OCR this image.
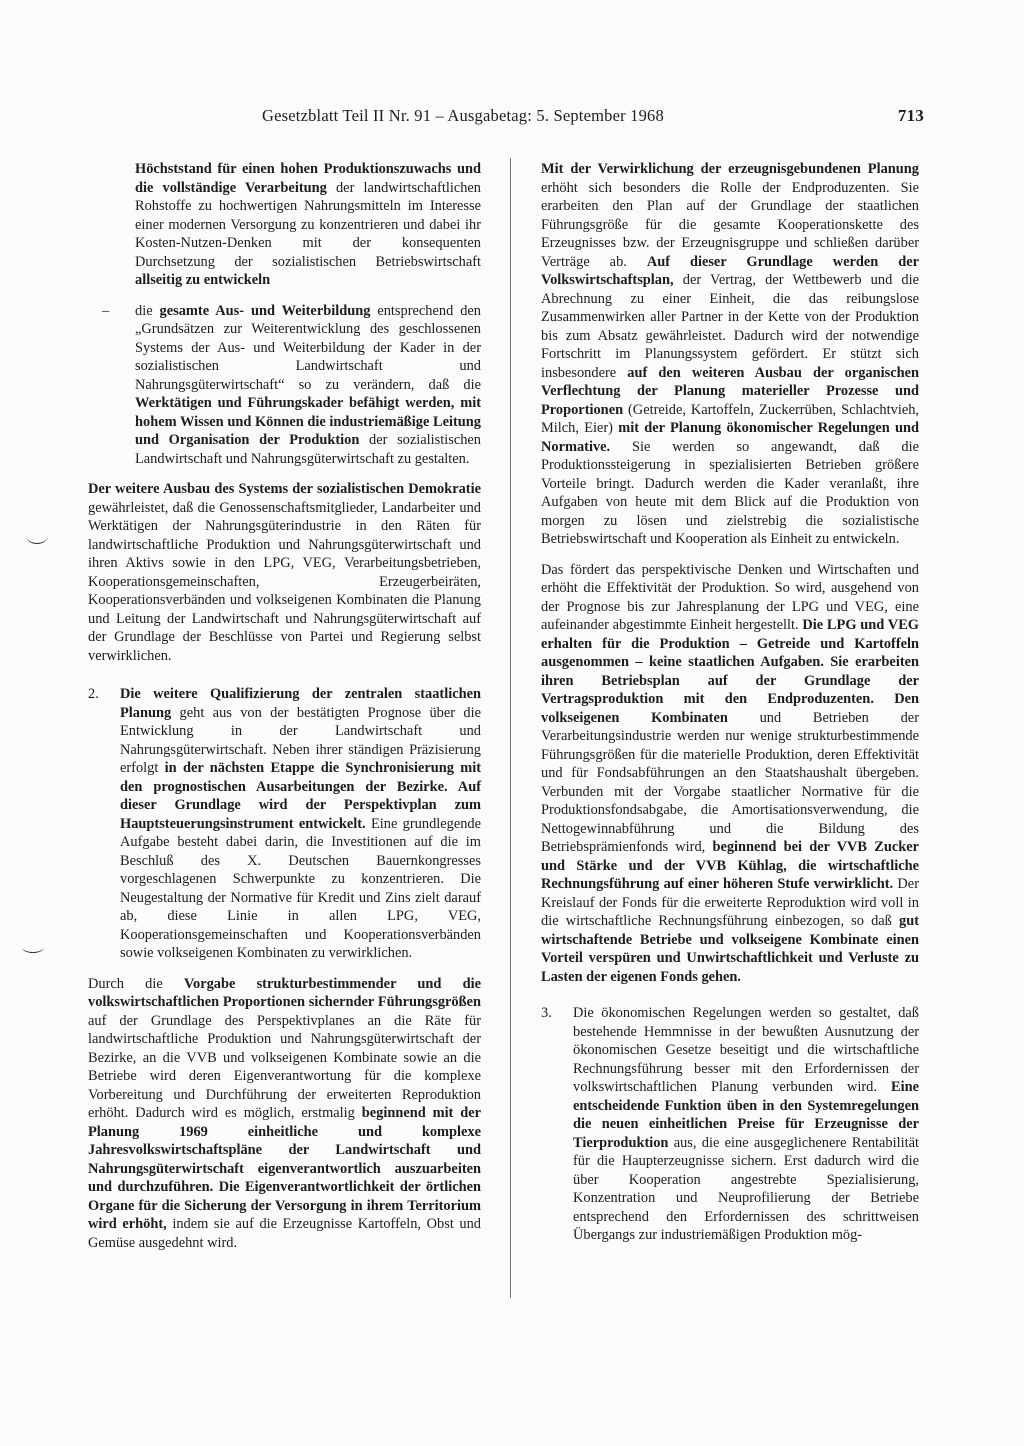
Gesetzblatt Teil II Nr. 91 – Ausgabetag: 5. September 1968	713

Höchststand für einen hohen Produktionszuwachs und die vollständige Verarbeitung der landwirtschaftlichen Rohstoffe zu hochwertigen Nahrungsmitteln im Interesse einer modernen Versorgung zu konzentrieren und dabei ihr Kosten-Nutzen-Denken mit der konsequenten Durchsetzung der sozialistischen Betriebswirtschaft allseitig zu entwickeln

– die gesamte Aus- und Weiterbildung entsprechend den „Grundsätzen zur Weiterentwicklung des geschlossenen Systems der Aus- und Weiterbildung der Kader in der sozialistischen Landwirtschaft und Nahrungsgüterwirtschaft“ so zu verändern, daß die Werktätigen und Führungskader befähigt werden, mit hohem Wissen und Können die industriemäßige Leitung und Organisation der Produktion der sozialistischen Landwirtschaft und Nahrungsgüterwirtschaft zu gestalten.

Der weitere Ausbau des Systems der sozialistischen Demokratie gewährleistet, daß die Genossenschaftsmitglieder, Landarbeiter und Werktätigen der Nahrungsgüterindustrie in den Räten für landwirtschaftliche Produktion und Nahrungsgüterwirtschaft und ihren Aktivs sowie in den LPG, VEG, Verarbeitungsbetrieben, Kooperationsgemeinschaften, Erzeugerbeiräten, Kooperationsverbänden und volkseigenen Kombinaten die Planung und Leitung der Landwirtschaft und Nahrungsgüterwirtschaft auf der Grundlage der Beschlüsse von Partei und Regierung selbst verwirklichen.

2. Die weitere Qualifizierung der zentralen staatlichen Planung geht aus von der bestätigten Prognose über die Entwicklung in der Landwirtschaft und Nahrungsgüterwirtschaft. Neben ihrer ständigen Präzisierung erfolgt in der nächsten Etappe die Synchronisierung mit den prognostischen Ausarbeitungen der Bezirke. Auf dieser Grundlage wird der Perspektivplan zum Hauptsteuerungsinstrument entwickelt. Eine grundlegende Aufgabe besteht dabei darin, die Investitionen auf die im Beschluß des X. Deutschen Bauernkongresses vorgeschlagenen Schwerpunkte zu konzentrieren. Die Neugestaltung der Normative für Kredit und Zins zielt darauf ab, diese Linie in allen LPG, VEG, Kooperationsgemeinschaften und Kooperationsverbänden sowie volkseigenen Kombinaten zu verwirklichen.

Durch die Vorgabe strukturbestimmender und die volkswirtschaftlichen Proportionen sichernder Führungsgrößen auf der Grundlage des Perspektivplanes an die Räte für landwirtschaftliche Produktion und Nahrungsgüterwirtschaft der Bezirke, an die VVB und volkseigenen Kombinate sowie an die Betriebe wird deren Eigenverantwortung für die komplexe Vorbereitung und Durchführung der erweiterten Reproduktion erhöht. Dadurch wird es möglich, erstmalig beginnend mit der Planung 1969 einheitliche und komplexe Jahresvolkswirtschaftspläne der Landwirtschaft und Nahrungsgüterwirtschaft eigenverantwortlich auszuarbeiten und durchzuführen. Die Eigenverantwortlichkeit der örtlichen Organe für die Sicherung der Versorgung in ihrem Territorium wird erhöht, indem sie auf die Erzeugnisse Kartoffeln, Obst und Gemüse ausgedehnt wird.

Mit der Verwirklichung der erzeugnisgebundenen Planung erhöht sich besonders die Rolle der Endproduzenten. Sie erarbeiten den Plan auf der Grundlage der staatlichen Führungsgröße für die gesamte Kooperationskette des Erzeugnisses bzw. der Erzeugnisgruppe und schließen darüber Verträge ab. Auf dieser Grundlage werden der Volkswirtschaftsplan, der Vertrag, der Wettbewerb und die Abrechnung zu einer Einheit, die das reibungslose Zusammenwirken aller Partner in der Kette von der Produktion bis zum Absatz gewährleistet. Dadurch wird der notwendige Fortschritt im Planungssystem gefördert. Er stützt sich insbesondere auf den weiteren Ausbau der organischen Verflechtung der Planung materieller Prozesse und Proportionen (Getreide, Kartoffeln, Zuckerrüben, Schlachtvieh, Milch, Eier) mit der Planung ökonomischer Regelungen und Normative. Sie werden so angewandt, daß die Produktionssteigerung in spezialisierten Betrieben größere Vorteile bringt. Dadurch werden die Kader veranlaßt, ihre Aufgaben von heute mit dem Blick auf die Produktion von morgen zu lösen und zielstrebig die sozialistische Betriebswirtschaft und Kooperation als Einheit zu entwickeln.

Das fördert das perspektivische Denken und Wirtschaften und erhöht die Effektivität der Produktion. So wird, ausgehend von der Prognose bis zur Jahresplanung der LPG und VEG, eine aufeinander abgestimmte Einheit hergestellt. Die LPG und VEG erhalten für die Produktion – Getreide und Kartoffeln ausgenommen – keine staatlichen Aufgaben. Sie erarbeiten ihren Betriebsplan auf der Grundlage der Vertragsproduktion mit den Endproduzenten. Den volkseigenen Kombinaten und Betrieben der Verarbeitungsindustrie werden nur wenige strukturbestimmende Führungsgrößen für die materielle Produktion, deren Effektivität und für Fondsabführungen an den Staatshaushalt übergeben. Verbunden mit der Vorgabe staatlicher Normative für die Produktionsfondsabgabe, die Amortisationsverwendung, die Nettogewinnabführung und die Bildung des Betriebsprämienfonds wird, beginnend bei der VVB Zucker und Stärke und der VVB Kühlag, die wirtschaftliche Rechnungsführung auf einer höheren Stufe verwirklicht. Der Kreislauf der Fonds für die erweiterte Reproduktion wird voll in die wirtschaftliche Rechnungsführung einbezogen, so daß gut wirtschaftende Betriebe und volkseigene Kombinate einen Vorteil verspüren und Unwirtschaftlichkeit und Verluste zu Lasten der eigenen Fonds gehen.

3. Die ökonomischen Regelungen werden so gestaltet, daß bestehende Hemmnisse in der bewußten Ausnutzung der ökonomischen Gesetze beseitigt und die wirtschaftliche Rechnungsführung besser mit den Erfordernissen der volkswirtschaftlichen Planung verbunden wird. Eine entscheidende Funktion üben in den Systemregelungen die neuen einheitlichen Preise für Erzeugnisse der Tierproduktion aus, die eine ausgeglichenere Rentabilität für die Haupterzeugnisse sichern. Erst dadurch wird die über Kooperation angestrebte Spezialisierung, Konzentration und Neuprofilierung der Betriebe entsprechend den Erfordernissen des schrittweisen Übergangs zur industriemäßigen Produktion mög-
